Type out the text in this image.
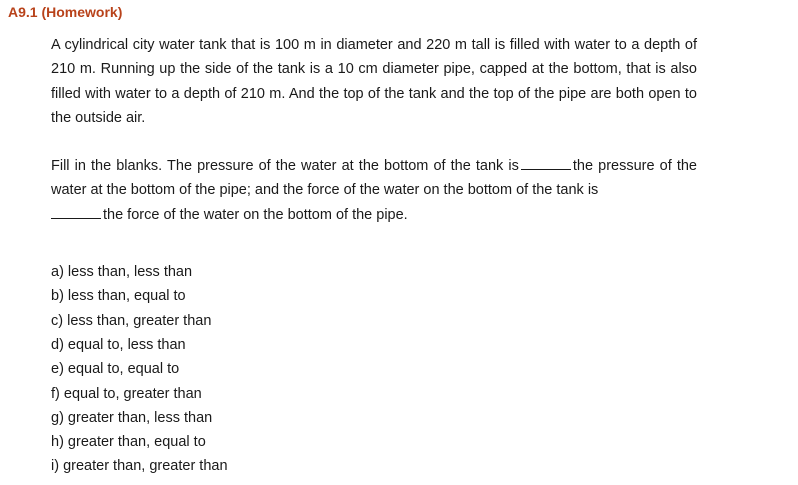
A9.1 (Homework)

A cylindrical city water tank that is 100 m in diameter and 220 m tall is filled with water to a depth of 210 m. Running up the side of the tank is a 10 cm diameter pipe, capped at the bottom, that is also filled with water to a depth of 210 m. And the top of the tank and the top of the pipe are both open to the outside air.

Fill in the blanks. The pressure of the water at the bottom of the tank is	the pressure of the water at the bottom of the pipe; and the force of the water on the bottom of the tank is
the force of the water on the bottom of the pipe.

a) less than, less than
b) less than, equal to
c) less than, greater than
d) equal to, less than
e) equal to, equal to
f) equal to, greater than
g) greater than, less than
h) greater than, equal to
i) greater than, greater than
